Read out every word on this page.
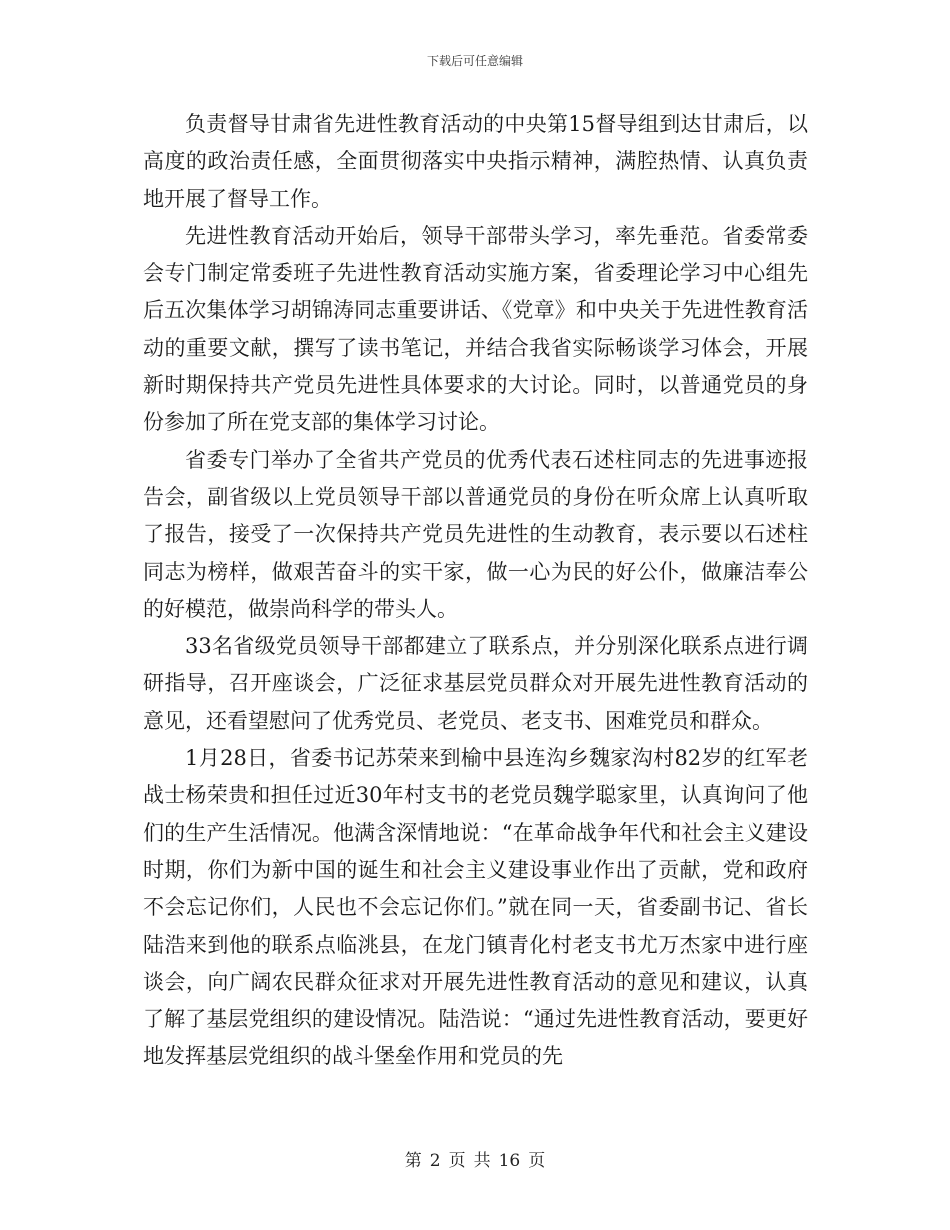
下载后可任意编辑

负责督导甘肃省先进性教育活动的中央第15督导组到达甘肃后，以高度的政治责任感，全面贯彻落实中央指示精神，满腔热情、认真负责地开展了督导工作。

先进性教育活动开始后，领导干部带头学习，率先垂范。省委常委会专门制定常委班子先进性教育活动实施方案，省委理论学习中心组先后五次集体学习胡锦涛同志重要讲话、《党章》和中央关于先进性教育活动的重要文献，撰写了读书笔记，并结合我省实际畅谈学习体会，开展新时期保持共产党员先进性具体要求的大讨论。同时，以普通党员的身份参加了所在党支部的集体学习讨论。

省委专门举办了全省共产党员的优秀代表石述柱同志的先进事迹报告会，副省级以上党员领导干部以普通党员的身份在听众席上认真听取了报告，接受了一次保持共产党员先进性的生动教育，表示要以石述柱同志为榜样，做艰苦奋斗的实干家，做一心为民的好公仆，做廉洁奉公的好模范，做崇尚科学的带头人。

33名省级党员领导干部都建立了联系点，并分别深化联系点进行调研指导，召开座谈会，广泛征求基层党员群众对开展先进性教育活动的意见，还看望慰问了优秀党员、老党员、老支书、困难党员和群众。

1月28日，省委书记苏荣来到榆中县连沟乡魏家沟村82岁的红军老战士杨荣贵和担任过近30年村支书的老党员魏学聪家里，认真询问了他们的生产生活情况。他满含深情地说：“在革命战争年代和社会主义建设时期，你们为新中国的诞生和社会主义建设事业作出了贡献，党和政府不会忘记你们，人民也不会忘记你们。”就在同一天，省委副书记、省长陆浩来到他的联系点临洮县，在龙门镇青化村老支书尤万杰家中进行座谈会，向广阔农民群众征求对开展先进性教育活动的意见和建议，认真了解了基层党组织的建设情况。陆浩说：“通过先进性教育活动，要更好地发挥基层党组织的战斗堡垒作用和党员的先

第 2 页 共 16 页
